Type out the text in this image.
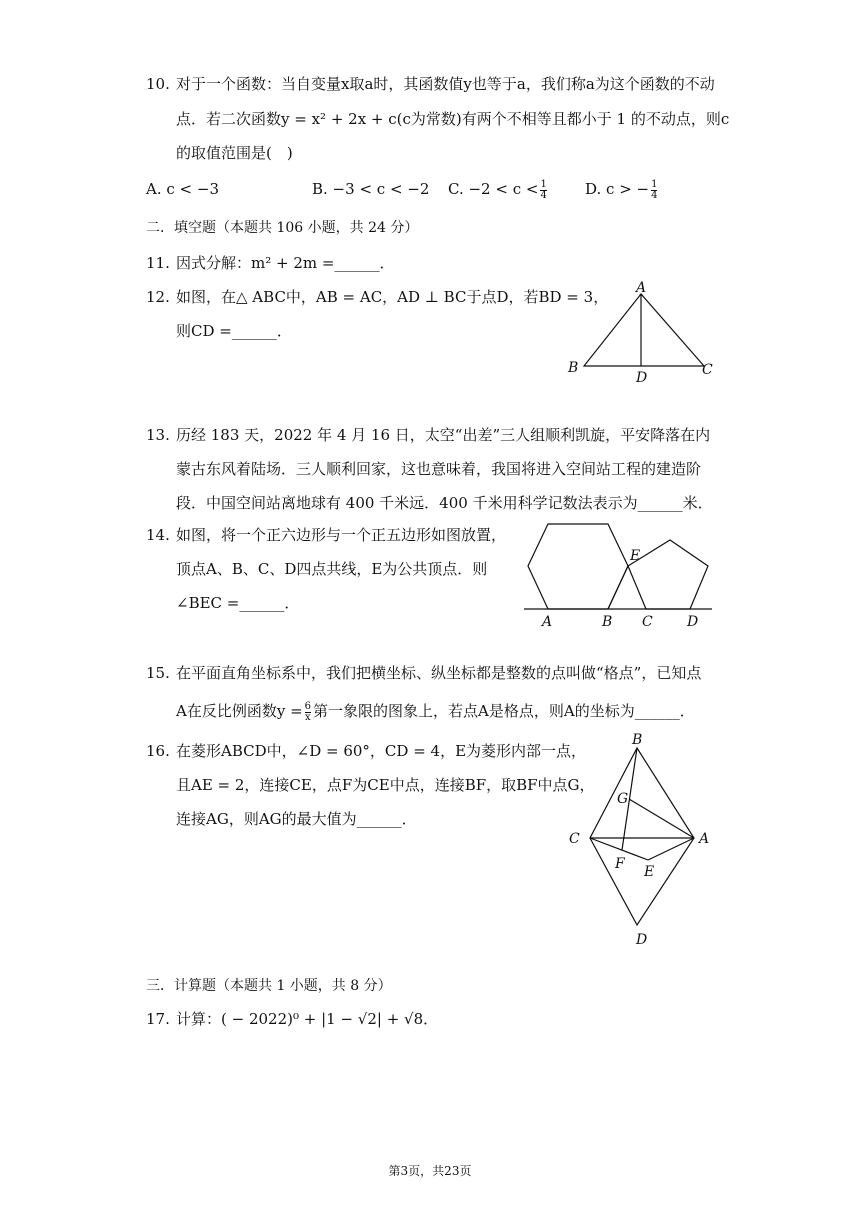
10. 对于一个函数：当自变量x取a时，其函数值y也等于a，我们称a为这个函数的不动
点．若二次函数y = x² + 2x + c(c为常数)有两个不相等且都小于 1 的不动点，则c
的取值范围是(　)
A. c < −3	B. −3 < c < −2 C. $-2 < c < \frac{1}{4}$	D. c > − $\frac{1}{4}$
二．填空题（本题共 106 小题，共 24 分）
11. 因式分解：m² + 2m =______．
12. 如图，在△ ABC中，AB = AC，AD ⊥ BC于点D，若BD = 3，
则CD =______．
A
B
D	C
13. 历经 183 天，2022 年 4 月 16 日，太空“出差”三人组顺利凯旋，平安降落在内
蒙古东风着陆场．三人顺利回家，这也意味着，我国将进入空间站工程的建造阶
段．中国空间站离地球有 400 千米远．400 千米用科学记数法表示为______米．
14. 如图，将一个正六边形与一个正五边形如图放置，
顶点A、B、C、D四点共线，E为公共顶点．则
∠BEC =______．
E
A	B C D
15. 在平面直角坐标系中，我们把横坐标、纵坐标都是整数的点叫做“格点”，已知点
A在反比例函数$y = \frac{6}{x}$ 第一象限的图象上，若点A是格点，则A的坐标为______．
16. 在菱形ABCD中，∠D = 60°，CD = 4，E为菱形内部一点，
且AE = 2，连接CE，点F为CE中点，连接BF，取BF中点G，
连接AG，则AG的最大值为______．
B
G
C	A
F E
D
三．计算题（本题共 1 小题，共 8 分）
17. 计算：( − 2022)⁰ + |1 − √2| + √8．
第3页，共23页
